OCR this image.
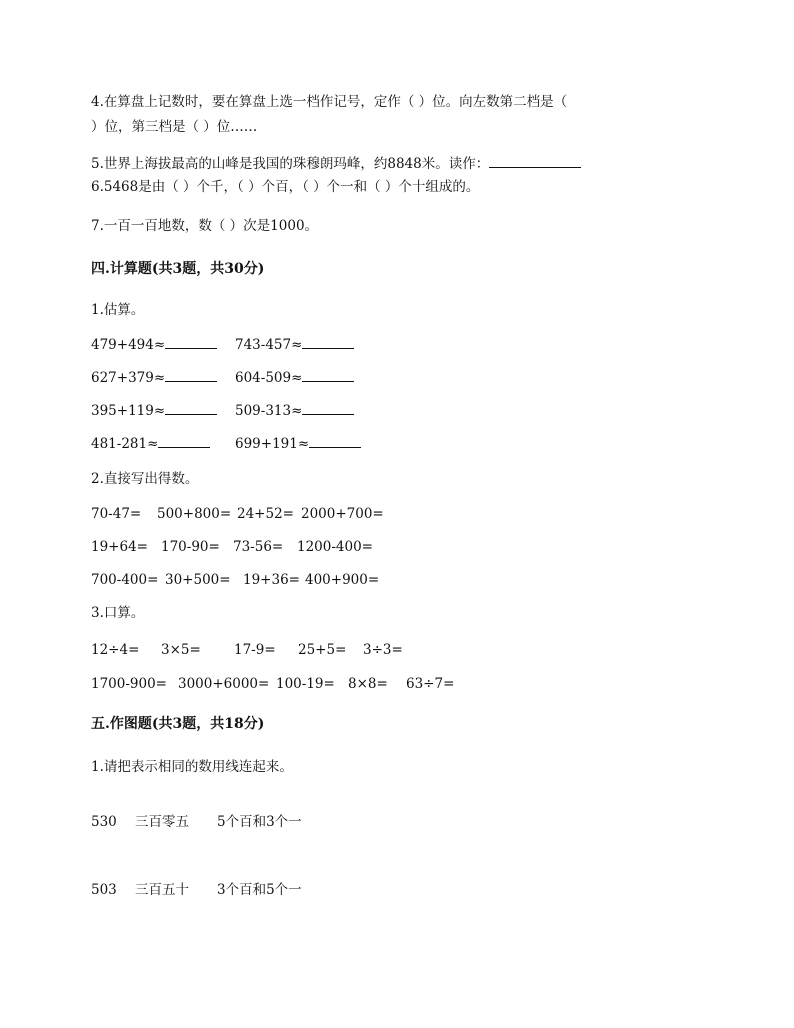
4.在算盘上记数时，要在算盘上选一档作记号，定作（ ）位。向左数第二档是（
）位，第三档是（ ）位……
5.世界上海拔最高的山峰是我国的珠穆朗玛峰，约8848米。读作：
6.5468是由（ ）个千，（ ）个百，（ ）个一和（ ）个十组成的。
7.一百一百地数，数（ ）次是1000。
四.计算题(共3题，共30分)
1.估算。
479+494≈	743-457≈
627+379≈	604-509≈
395+119≈	509-313≈
481-281≈	699+191≈
2.直接写出得数。
70-47= 500+800= 24+52= 2000+700=
19+64= 170-90= 73-56= 1200-400=
700-400= 30+500= 19+36= 400+900=
3.口算。
12÷4= 3×5= 17-9= 25+5= 3÷3=
1700-900= 3000+6000= 100-19= 8×8= 63÷7=
五.作图题(共3题，共18分)
1.请把表示相同的数用线连起来。
530 三百零五 5个百和3个一
503 三百五十 3个百和5个一
